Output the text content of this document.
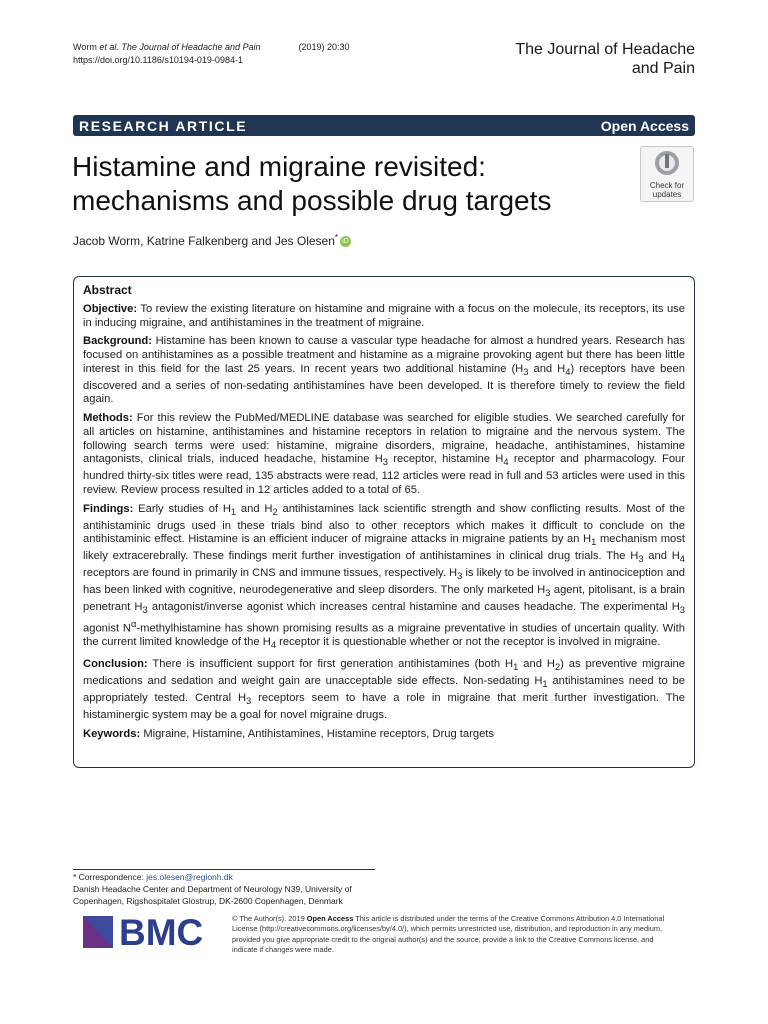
Worm
et al.
The Journal of Headache and Pain	(2019) 20:30
https://doi.org/10.1186/s10194-019-0984-1
The Journal of Headache
and Pain
RESEARCH ARTICLE	Open Access
Histamine and migraine revisited:
mechanisms and possible drug targets	Check for
updates
Jacob Worm, Katrine Falkenberg and Jes Olesen* iD
Abstract

Objective: To review the existing literature on histamine and migraine with a focus on the molecule, its receptors, its use in inducing migraine, and antihistamines in the treatment of migraine.

Background: Histamine has been known to cause a vascular type headache for almost a hundred years. Research has focused on antihistamines as a possible treatment and histamine as a migraine provoking agent but there has been little interest in this field for the last 25 years. In recent years two additional histamine ($H_3$ and $H_4$) receptors have been discovered and a series of non-sedating antihistamines have been developed. It is therefore timely to review the field again.

Methods: For this review the PubMed/MEDLINE database was searched for eligible studies. We searched carefully for all articles on histamine, antihistamines and histamine receptors in relation to migraine and the nervous system. The following search terms were used: histamine, migraine disorders, migraine, headache, antihistamines, histamine antagonists, clinical trials, induced headache, histamine $H_3$ receptor, histamine $H_4$ receptor and pharmacology. Four hundred thirty-six titles were read, 135 abstracts were read, 112 articles were read in full and 53 articles were used in this review. Review process resulted in 12 articles added to a total of 65.

Findings: Early studies of $H_1$ and $H_2$ antihistamines lack scientific strength and show conflicting results. Most of the antihistaminic drugs used in these trials bind also to other receptors which makes it difficult to conclude on the antihistaminic effect. Histamine is an efficient inducer of migraine attacks in migraine patients by an $H_1$ mechanism most likely extracerebrally. These findings merit further investigation of antihistamines in clinical drug trials. The $H_3$ and $H_4$ receptors are found in primarily in CNS and immune tissues, respectively. $H_3$ is likely to be involved in antinociception and has been linked with cognitive, neurodegenerative and sleep disorders. The only marketed $H_3$ agent, pitolisant, is a brain penetrant $H_3$ antagonist/inverse agonist which increases central histamine and causes headache. The experimental $H_3$ agonist $N^\alpha$-methylhistamine has shown promising results as a migraine preventative in studies of uncertain quality. With the current limited knowledge of the $H_4$ receptor it is questionable whether or not the receptor is involved in migraine.

Conclusion: There is insufficient support for first generation antihistamines (both $H_1$ and $H_2$) as preventive migraine medications and sedation and weight gain are unacceptable side effects. Non-sedating $H_1$ antihistamines need to be appropriately tested. Central $H_3$ receptors seem to have a role in migraine that merit further investigation. The histaminergic system may be a goal for novel migraine drugs.

Keywords: Migraine, Histamine, Antihistamines, Histamine receptors, Drug targets

* Correspondence: jes.olesen@regionh.dk
Danish Headache Center and Department of Neurology N39, University of
Copenhagen, Rigshospitalet Glostrup, DK-2600 Copenhagen, Denmark
BMC	© The Author(s). 2019 Open Access This article is distributed under the terms of the Creative Commons Attribution 4.0 International License (http://creativecommons.org/licenses/by/4.0/), which permits unrestricted use, distribution, and reproduction in any medium, provided you give appropriate credit to the original author(s) and the source, provide a link to the Creative Commons license, and indicate if changes were made.
